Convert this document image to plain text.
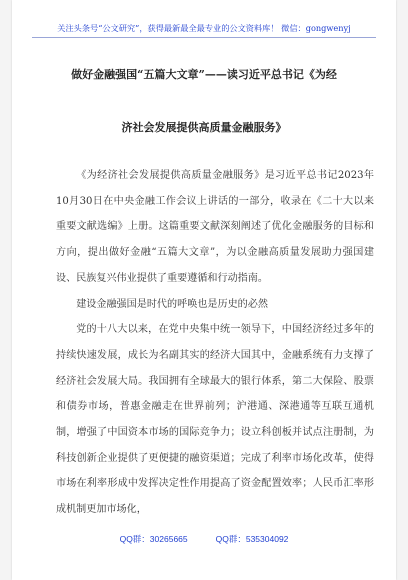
关注头条号“公文研究”，获得最新最全最专业的公文资料库！ 微信：gongwenyj
做好金融强国“五篇大文章”——读习近平总书记《为经
济社会发展提供高质量金融服务》

《为经济社会发展提供高质量金融服务》是习近平总书记2023年10月30日在中央金融工作会议上讲话的一部分，收录在《二十大以来重要文献选编》上册。这篇重要文献深刻阐述了优化金融服务的目标和方向，提出做好金融“五篇大文章”，为以金融高质量发展助力强国建设、民族复兴伟业提供了重要遵循和行动指南。

建设金融强国是时代的呼唤也是历史的必然

党的十八大以来，在党中央集中统一领导下，中国经济经过多年的持续快速发展，成长为名副其实的经济大国其中，金融系统有力支撑了经济社会发展大局。我国拥有全球最大的银行体系，第二大保险、股票和债券市场，普惠金融走在世界前列；沪港通、深港通等互联互通机制，增强了中国资本市场的国际竞争力；设立科创板并试点注册制，为科技创新企业提供了更便捷的融资渠道；完成了利率市场化改革，使得市场在利率形成中发挥决定性作用提高了资金配置效率；人民币汇率形成机制更加市场化，

QQ群：30265665	QQ群：535304092
